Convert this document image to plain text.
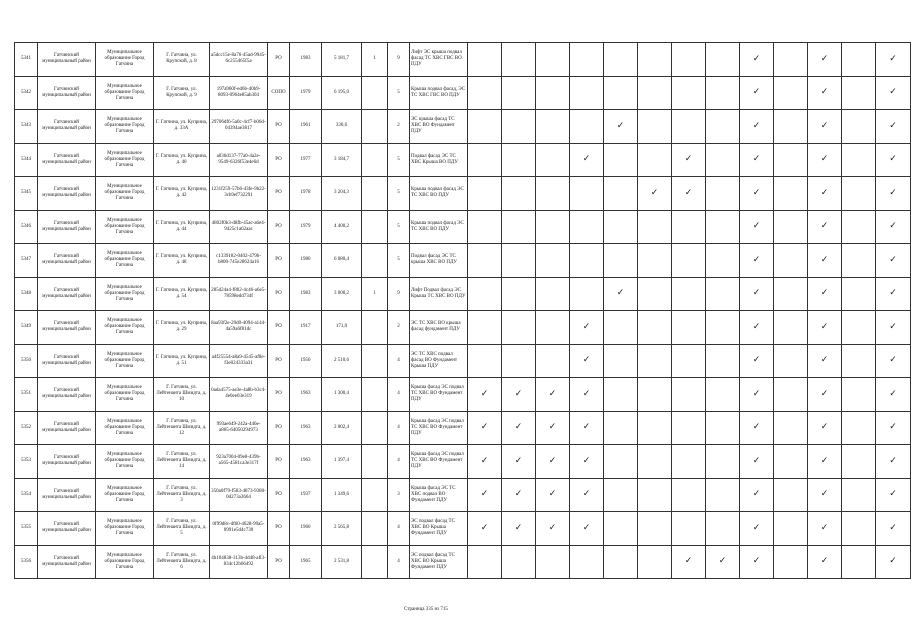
5341	Гатчинский муниципальный район	Муниципальное образование Город Гатчина	Г. Гатчина, ул. Крупской, д. 8	a5dcc15e-8a76-45ad-9945-6c255465f5a	РО	1983	5 181,7	1	9	Лифт ЭС крыша подвал фасад ТС ХВС ГВС ВО ПДУ									✓		✓		✓
5342	Гатчинский муниципальный район	Муниципальное образование Город Гатчина	Г. Гатчина, ул. Крупской, д. 9	197a960f-ed6b-40b9-8093-0964e85ab304	СОПО	1979	6 195,0		5	Крыша подвал фасад, ЭС ТС ХВС ГВС ВО ПДУ									✓		✓		✓
5343	Гатчинский муниципальный район	Муниципальное образование Город Гатчина	Г. Гатчина, ул. Куприна, д. 33А	29706df6-5a0c-4cf7-b06d-04394ae3817	РО	1961	330,6		2	ЭС крыша фасад ТС ХВС ВО Фундамент ПДУ					✓				✓		✓		✓
5344	Гатчинский муниципальный район	Муниципальное образование Город Гатчина	Г. Гатчина, ул. Куприна, д. 40	a036d137-77a0-4a2e-9549-6326f53e4e6d	РО	1977	3 184,7		5	Подвал фасад ЭС ТС ХВС Крыша ВО ПДУ				✓			✓		✓		✓		✓
5345	Гатчинский муниципальный район	Муниципальное образование Город Гатчина	Г. Гатчина, ул. Куприна, д. 42	1231f259-57b6-43fe-9b22-3cb9ef732291	РО	1978	3 204,3		5	Крыша подвал фасад ЭС ТС ХВС ВО ПДУ						✓	✓		✓		✓		✓
5346	Гатчинский муниципальный район	Муниципальное образование Город Гатчина	Г. Гатчина, ул. Куприна, д. 44	4802f0b3-d8fb-45ac-a6e4-9425c1a62aac	РО	1979	4 400,2		5	Крыша подвал фасад ЭС ТС ХВС ВО ПДУ									✓		✓		✓
5347	Гатчинский муниципальный район	Муниципальное образование Город Гатчина	Г. Гатчина, ул. Куприна, д. 48	c1339182-0402-479b-b800-745e28624a16	РО	1980	6 080,4		5	Подвал фасад ЭС ТС крыша ХВС ВО ПДУ									✓		✓		✓
5348	Гатчинский муниципальный район	Муниципальное образование Город Гатчина	Г. Гатчина, ул. Куприна, д. 54	285d24a4-f802-4c46-a6e5-78598edd734f	РО	1983	3 000,2	1	9	Лифт Подвал фасад ЭС Крыша ТС ХВС ВО ПДУ					✓				✓		✓		✓
5349	Гатчинский муниципальный район	Муниципальное образование Город Гатчина	Г. Гатчина, ул. Куприна, д. 29	8aa93f2e-29d0-4094-a144-4a59a6f81dc	РО	1917	171,0		2	ЭС ТС ХВС ВО крыша фасад фундамент ПДУ				✓					✓		✓		✓
5350	Гатчинский муниципальный район	Муниципальное образование Город Гатчина	Г. Гатчина, ул. Куприна, д. 51	a4f25554-a8a9-4545-af8e-f3e024333a31	РО	1950	2 510,6		4	ЭС ТС ХВС подвал фасад ВО Фундамент Крыша ПДУ				✓					✓		✓		✓
5351	Гатчинский муниципальный район	Муниципальное образование Город Гатчина	Г. Гатчина, ул. Лейтенанта Шмидта, д. 10	0ada4575-ae3e-4a8b-b3c4-4e0ee03e319	РО	1963	1 300,4		4	Крыша фасад ЭС подвал ТС ХВС ВО Фундамент ПДУ	✓	✓	✓	✓					✓		✓		✓
5352	Гатчинский муниципальный район	Муниципальное образование Город Гатчина	Г. Гатчина, ул. Лейтенанта Шмидта, д. 12	993ae649-242a-446e-a865-64050294973	РО	1963	2 002,4		4	Крыша фасад ЭС подвал ТС ХВС ВО Фундамент ПДУ	✓	✓	✓	✓					✓		✓		✓
5353	Гатчинский муниципальный район	Муниципальное образование Город Гатчина	Г. Гатчина, ул. Лейтенанта Шмидта, д. 14	923a7004-09e8-439b-a565-4581ca3e317f	РО	1963	1 397,4		4	Крыша фасад ЭС подвал ТС ХВС ВО Фундамент ПДУ	✓	✓	✓	✓					✓		✓		✓
5354	Гатчинский муниципальный район	Муниципальное образование Город Гатчина	Г. Гатчина, ул. Лейтенанта Шмидта, д. 3	350a0f79-f583-4873-9380-0d273a3664	РО	1937	1 349,6		3	Крыша фасад ЭС ТС ХВС подвал ВО Фундамент ПДУ	✓	✓	✓	✓					✓		✓		✓
5355	Гатчинский муниципальный район	Муниципальное образование Город Гатчина	Г. Гатчина, ул. Лейтенанта Шмидта, д. 5	0f99d8c-df60-4628-99a5-0991e5d4c730	РО	1960	2 565,8		4	ЭС подвал фасад ТС ХВС ВО Крыша Фундамент ПДУ	✓	✓	✓	✓					✓		✓		✓
5356	Гатчинский муниципальный район	Муниципальное образование Город Гатчина	Г. Гатчина, ул. Лейтенанта Шмидта, д. 6	4b104838-313b-4d48-afl3-834c12b66492	РО	1965	2 531,8		4	ЭС подвал фасад ТС ХВС ВО Крыша Фундамент ПДУ							✓	✓	✓		✓		✓
Страница 335 из 715
